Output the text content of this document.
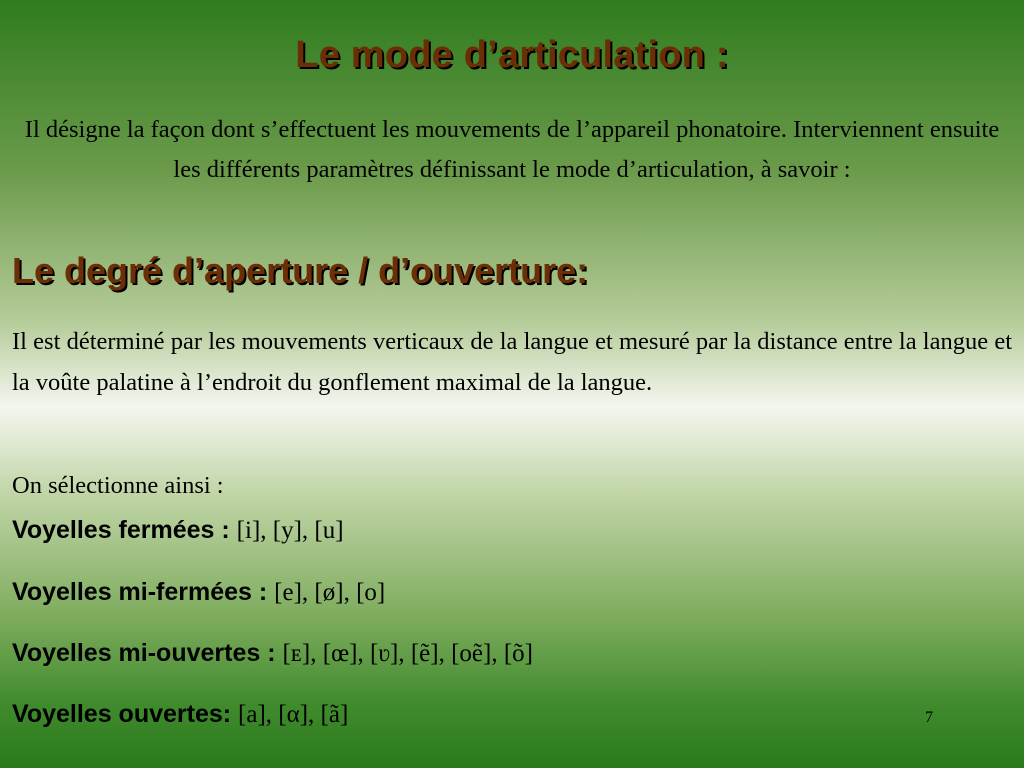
Le mode d’articulation :
Il désigne la façon dont s’effectuent les mouvements de l’appareil phonatoire. Interviennent ensuite les différents paramètres définissant le mode d’articulation, à savoir :
Le degré d’aperture / d’ouverture:
Il est déterminé par les mouvements verticaux de la langue et mesuré par la distance entre la langue et la voûte palatine à l’endroit du gonflement maximal de la langue.
On sélectionne ainsi :
Voyelles fermées : [i], [y], [u]
Voyelles mi-fermées : [e], [ø], [o]
Voyelles mi-ouvertes : [ᴇ], [œ], [ʋ], [ẽ], [oẽ], [õ]
Voyelles ouvertes: [a], [α], [ã]	7
